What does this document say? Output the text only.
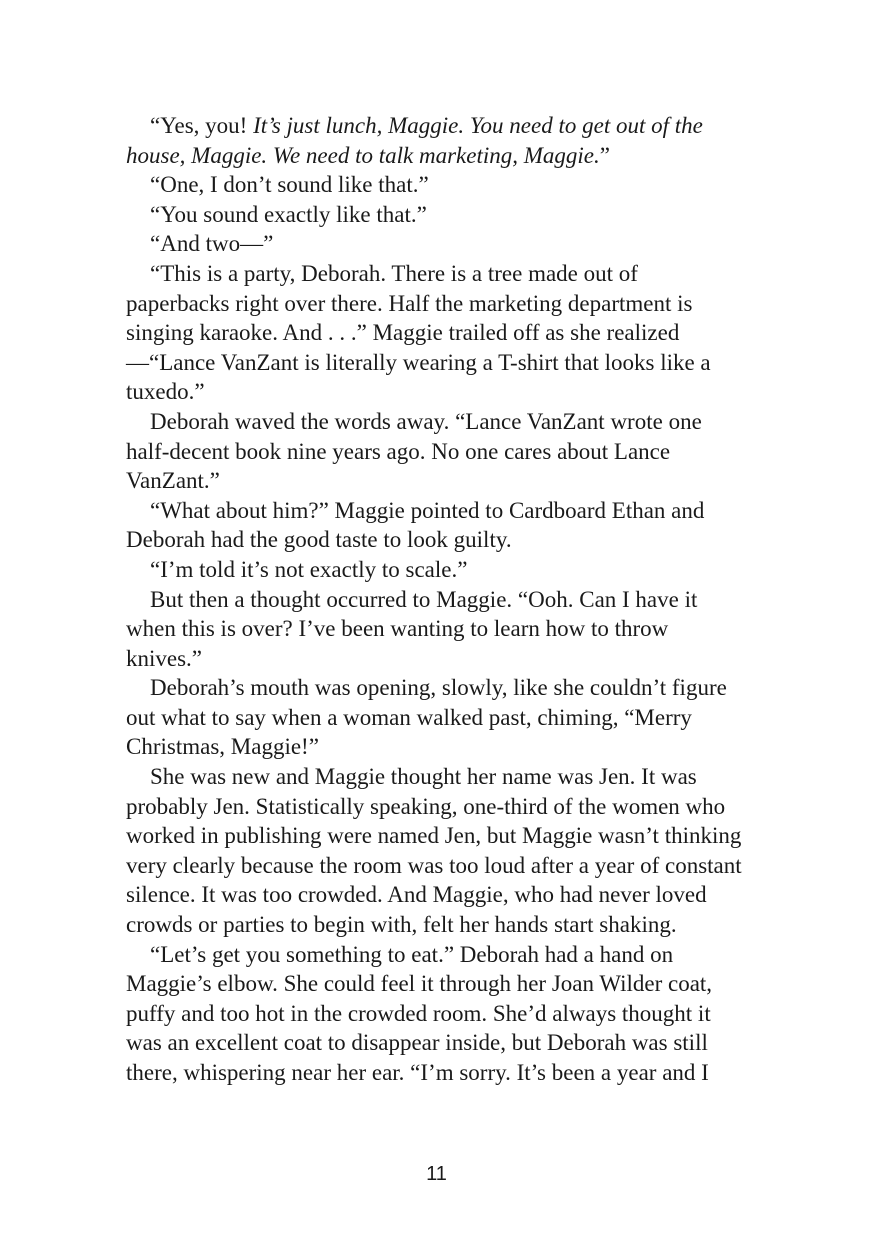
“Yes, you! It’s just lunch, Maggie. You need to get out of the house, Maggie. We need to talk marketing, Maggie.”

“One, I don’t sound like that.”

“You sound exactly like that.”

“And two—”

“This is a party, Deborah. There is a tree made out of paperbacks right over there. Half the marketing department is singing karaoke. And . . .” Maggie trailed off as she realized —“Lance VanZant is literally wearing a T-shirt that looks like a tuxedo.”

Deborah waved the words away. “Lance VanZant wrote one half-decent book nine years ago. No one cares about Lance VanZant.”

“What about him?” Maggie pointed to Cardboard Ethan and Deborah had the good taste to look guilty.

“I’m told it’s not exactly to scale.”

But then a thought occurred to Maggie. “Ooh. Can I have it when this is over? I’ve been wanting to learn how to throw knives.”

Deborah’s mouth was opening, slowly, like she couldn’t figure out what to say when a woman walked past, chiming, “Merry Christmas, Maggie!”

She was new and Maggie thought her name was Jen. It was probably Jen. Statistically speaking, one-third of the women who worked in publishing were named Jen, but Maggie wasn’t thinking very clearly because the room was too loud after a year of constant silence. It was too crowded. And Maggie, who had never loved crowds or parties to begin with, felt her hands start shaking.

“Let’s get you something to eat.” Deborah had a hand on Maggie’s elbow. She could feel it through her Joan Wilder coat, puffy and too hot in the crowded room. She’d always thought it was an excellent coat to disappear inside, but Deborah was still there, whispering near her ear. “I’m sorry. It’s been a year and I

11
